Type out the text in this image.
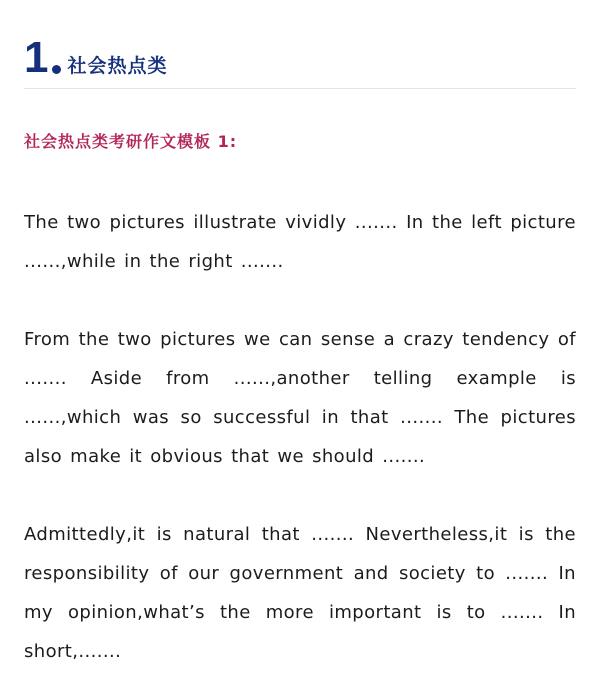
1 社会热点类
社会热点类考研作文模板 1:

The two pictures illustrate vividly ....... In the left picture ......,while in the right .......

From the two pictures we can sense a crazy tendency of ....... Aside from ......,another telling example is ......,which was so successful in that ....... The pictures also make it obvious that we should .......

Admittedly,it is natural that ....... Nevertheless,it is the responsibility of our government and society to ....... In my opinion,what’s the more important is to ....... In short,.......
